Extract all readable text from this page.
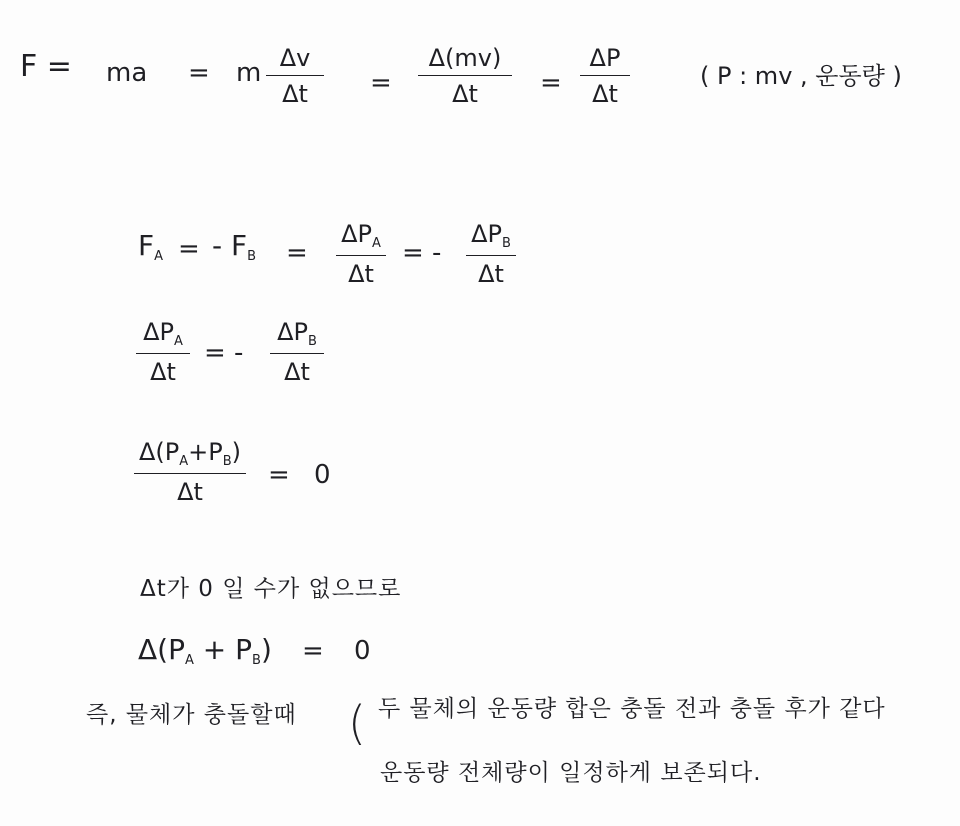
F = ma = m Δv
Δt	=
Δ(mv)
Δt	=
ΔP
Δt
( P : mv , 운동량 )
$F_A$ = - $F_B$ =
$\Delta P_A$
Δt
= -
$\Delta P_B$
Δt
$\Delta P_A$
Δt
= -
$\Delta P_B$
Δt
$\Delta(P_A+P_B)$
Δt
= 0
Δt가 0 일 수가 없으므로
$\Delta(P_A + P_B) = 0$
즉, 물체가 충돌할때 ( 두 물체의 운동량 합은 충돌 전과 충돌 후가 같다
운동량 전체량이 일정하게 보존되다.
